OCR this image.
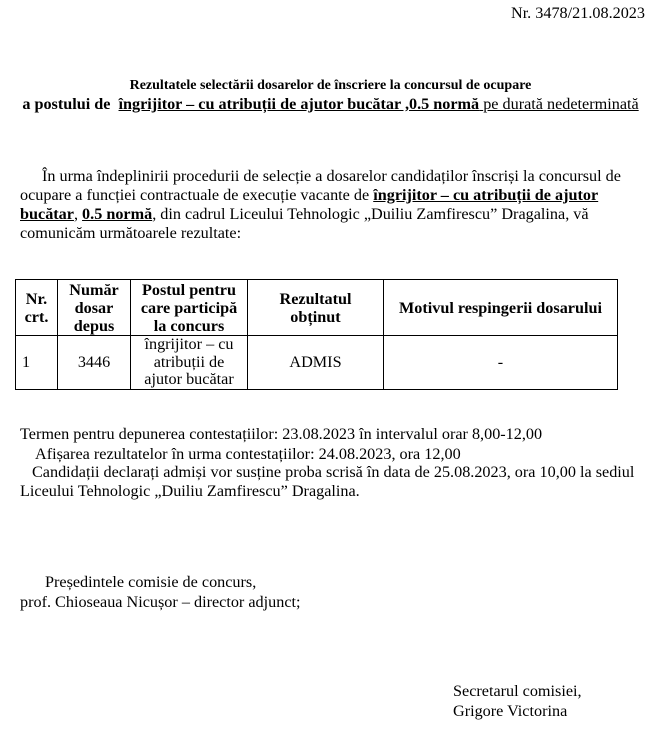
Nr. 3478/21.08.2023
Rezultatele selectării dosarelor de înscriere la concursul de ocupare
a postului de îngrijitor – cu atribuții de ajutor bucătar ,0.5 normă pe durată nedeterminată

În urma îndeplinirii procedurii de selecție a dosarelor candidaților înscriși la concursul de ocupare a funcției contractuale de execuție vacante de îngrijitor – cu atribuții de ajutor bucătar, 0.5 normă, din cadrul Liceului Tehnologic „Duiliu Zamfirescu” Dragalina, vă comunicăm următoarele rezultate:

Nr. crt.	Număr dosar depus	Postul pentru care participă la concurs	Rezultatul obținut	Motivul respingerii dosarului
1	3446	îngrijitor – cu atribuții de ajutor bucătar	ADMIS	-
Termen pentru depunerea contestațiilor: 23.08.2023 în intervalul orar 8,00-12,00
Afișarea rezultatelor în urma contestațiilor: 24.08.2023, ora 12,00

Candidații declarați admiși vor susține proba scrisă în data de 25.08.2023, ora 10,00 la sediul Liceului Tehnologic „Duiliu Zamfirescu” Dragalina.

Președintele comisie de concurs,
prof. Chioseaua Nicușor – director adjunct;
Secretarul comisiei,
Grigore Victorina
